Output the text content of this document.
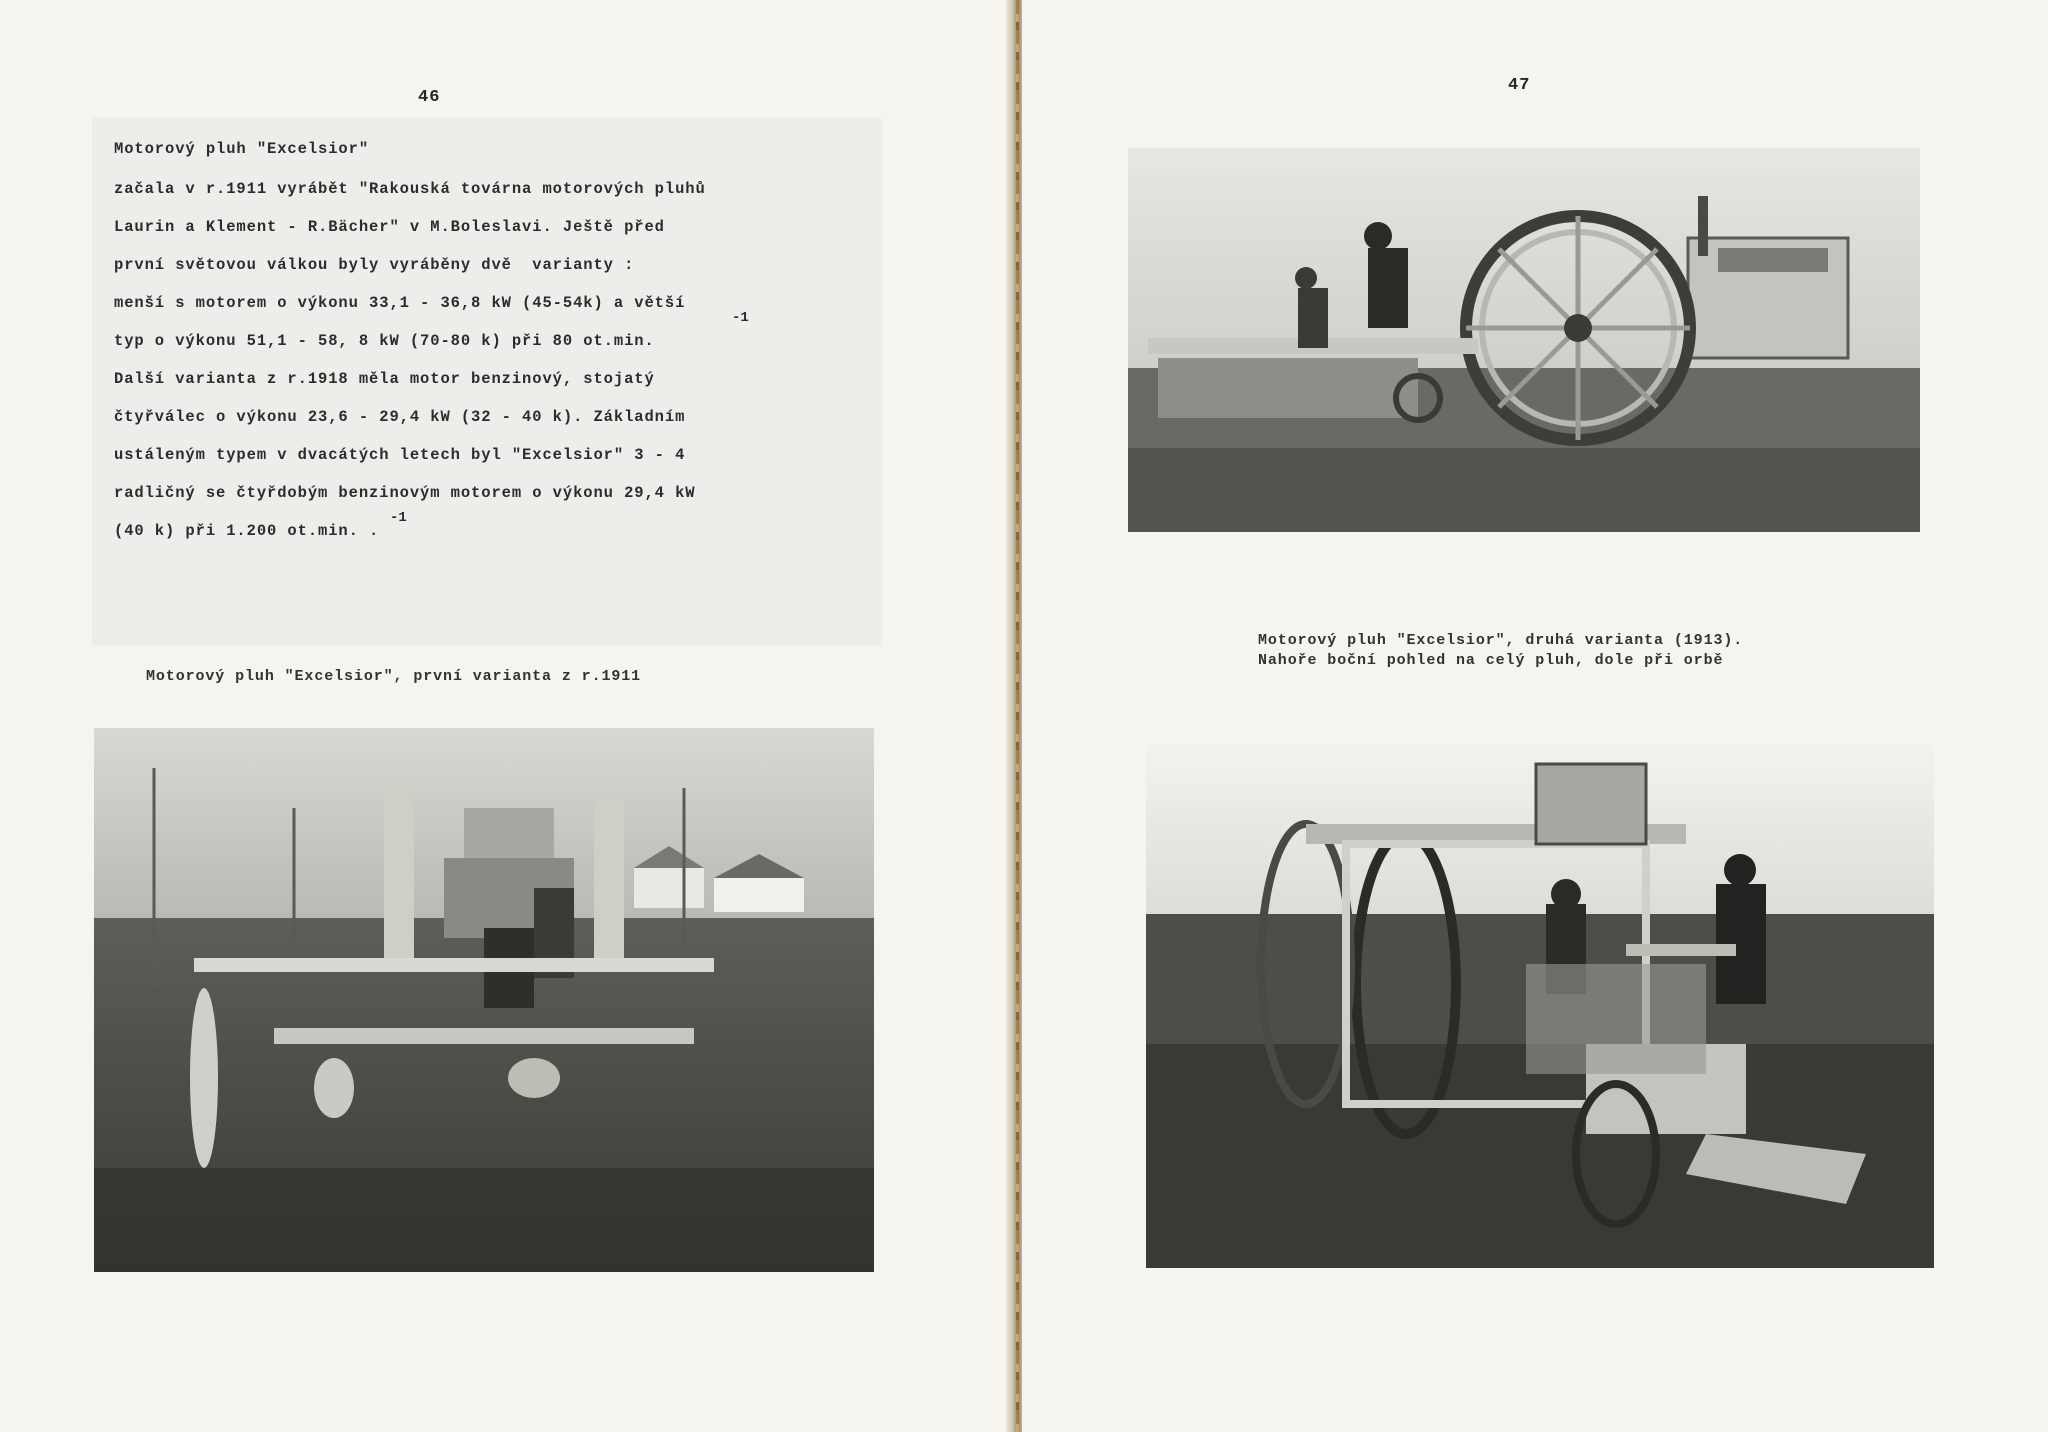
46
Motorový pluh "Excelsior"
začala v r.1911 vyrábět "Rakouská továrna motorových pluhů
Laurin a Klement - R.Bächer" v M.Boleslavi. Ještě před
první světovou válkou byly vyráběny dvě  varianty :
menší s motorem o výkonu 33,1 - 36,8 kW (45-54k) a větší
-1
typ o výkonu 51,1 - 58, 8 kW (70-80 k) při 80 ot.min.
Další varianta z r.1918 měla motor benzinový, stojatý
čtyřválec o výkonu 23,6 - 29,4 kW (32 - 40 k). Základním
ustáleným typem v dvacátých letech byl "Excelsior" 3 - 4
radličný se čtyřdobým benzinovým motorem o výkonu 29,4 kW
-1
(40 k) při 1.200 ot.min. .
Motorový pluh "Excelsior", první varianta z r.1911
47
Motorový pluh "Excelsior", druhá varianta (1913).
Nahoře boční pohled na celý pluh, dole při orbě
